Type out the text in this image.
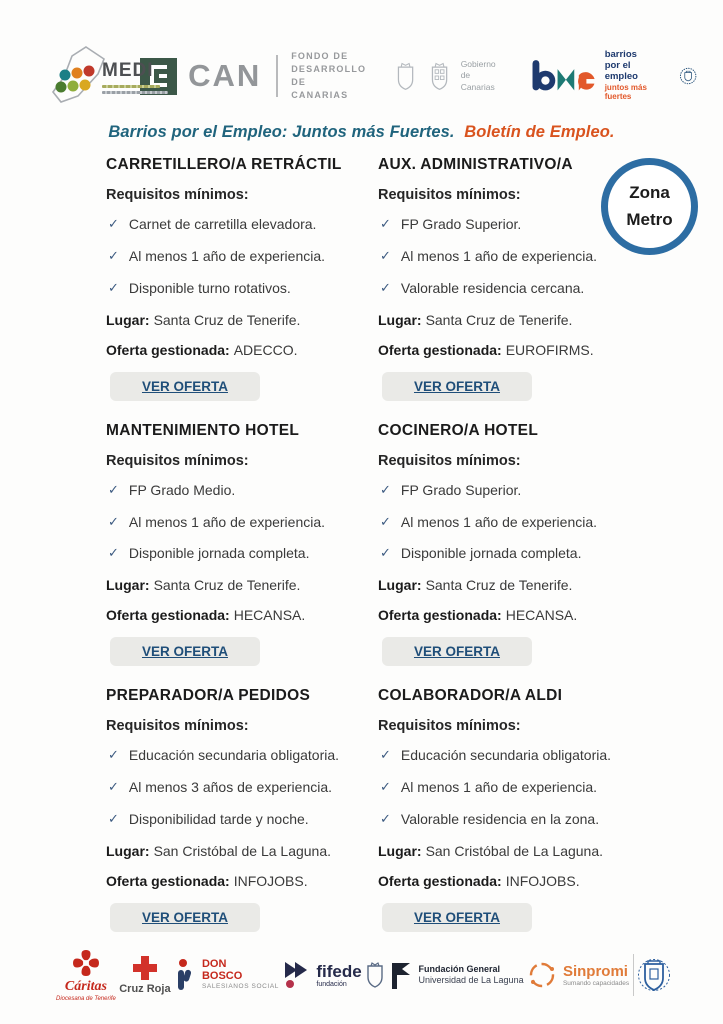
MEDI	CAN
FONDO DE
DESARROLLO
DE CANARIAS
Gobierno
de Canarias
barrios
por el empleo
juntos más fuertes
Barrios por el Empleo: Juntos más Fuertes. Boletín de Empleo.
Zona
Metro
CARRETILLERO/A RETRÁCTIL

Requisitos mínimos:

✓ Carnet de carretilla elevadora.
✓ Al menos 1 año de experiencia.
✓ Disponible turno rotativos.

Lugar: Santa Cruz de Tenerife.

Oferta gestionada: ADECCO.

VER OFERTA
AUX. ADMINISTRATIVO/A

Requisitos mínimos:

✓ FP Grado Superior.
✓ Al menos 1 año de experiencia.
✓ Valorable residencia cercana.

Lugar: Santa Cruz de Tenerife.

Oferta gestionada: EUROFIRMS.

VER OFERTA
MANTENIMIENTO HOTEL

Requisitos mínimos:

✓ FP Grado Medio.
✓ Al menos 1 año de experiencia.
✓ Disponible jornada completa.

Lugar: Santa Cruz de Tenerife.

Oferta gestionada: HECANSA.

VER OFERTA
COCINERO/A HOTEL

Requisitos mínimos:

✓ FP Grado Superior.
✓ Al menos 1 año de experiencia.
✓ Disponible jornada completa.

Lugar: Santa Cruz de Tenerife.

Oferta gestionada: HECANSA.

VER OFERTA
PREPARADOR/A PEDIDOS

Requisitos mínimos:

✓ Educación secundaria obligatoria.
✓ Al menos 3 años de experiencia.
✓ Disponibilidad tarde y noche.

Lugar: San Cristóbal de La Laguna.

Oferta gestionada: INFOJOBS.

VER OFERTA
COLABORADOR/A ALDI

Requisitos mínimos:

✓ Educación secundaria obligatoria.
✓ Al menos 1 año de experiencia.
✓ Valorable residencia en la zona.

Lugar: San Cristóbal de La Laguna.

Oferta gestionada: INFOJOBS.

VER OFERTA
Cáritas
Diocesana de Tenerife
Cruz Roja
DON
BOSCO
SALESIANOS SOCIAL
fifede
fundación
Fundación General
Universidad de La Laguna	Sinpromi
Sumando capacidades
